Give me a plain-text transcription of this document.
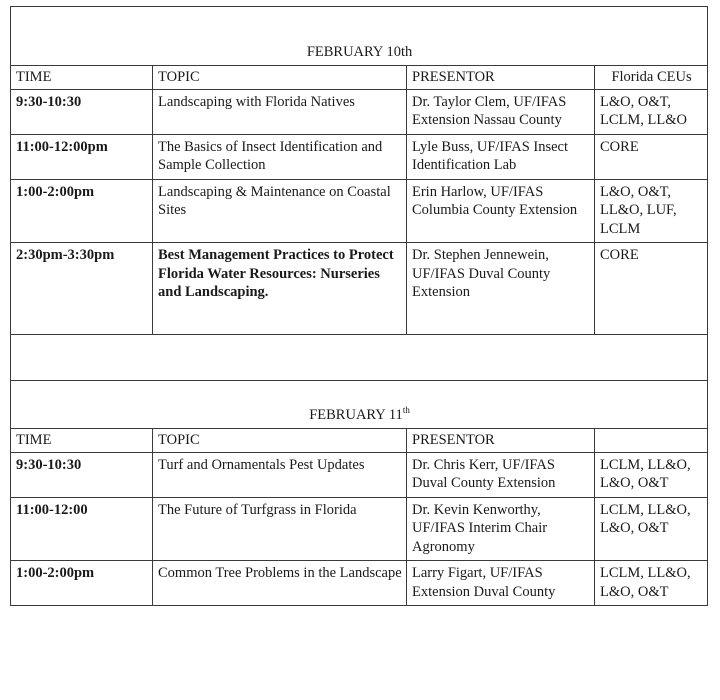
FEBRUARY 10th			
TIME	TOPIC	PRESENTOR	Florida CEUs
9:30-10:30	Landscaping with Florida Natives	Dr. Taylor Clem, UF/IFAS Extension Nassau County	L&O, O&T, LCLM, LL&O
11:00-12:00pm	The Basics of Insect Identification and Sample Collection	Lyle Buss, UF/IFAS Insect Identification Lab	CORE
1:00-2:00pm	Landscaping & Maintenance on Coastal Sites	Erin Harlow, UF/IFAS Columbia County Extension	L&O, O&T, LL&O, LUF, LCLM
2:30pm-3:30pm	Best Management Practices to Protect Florida Water Resources: Nurseries and Landscaping.	Dr. Stephen Jennewein, UF/IFAS Duval County Extension	CORE

FEBRUARY 11th
TIME	TOPIC	PRESENTOR	
9:30-10:30	Turf and Ornamentals Pest Updates	Dr. Chris Kerr, UF/IFAS Duval County Extension	LCLM, LL&O, L&O, O&T
11:00-12:00	The Future of Turfgrass in Florida	Dr. Kevin Kenworthy, UF/IFAS Interim Chair Agronomy	LCLM, LL&O, L&O, O&T
1:00-2:00pm	Common Tree Problems in the Landscape	Larry Figart, UF/IFAS Extension Duval County	LCLM, LL&O, L&O, O&T
